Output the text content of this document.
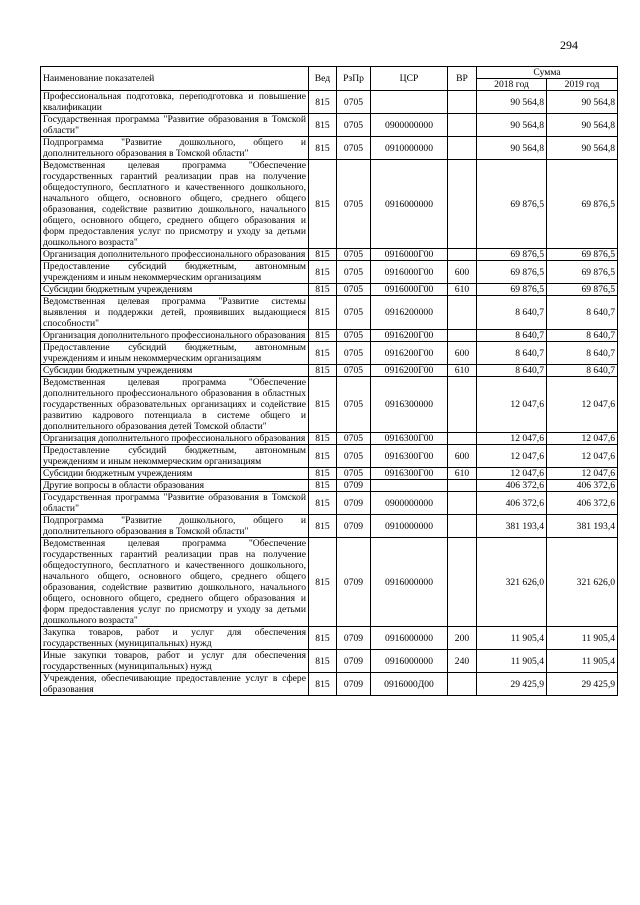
294
Наименование показателей	Вед	РзПр	ЦСР	ВР	Сумма	
					2018 год	2019 год
Профессиональная подготовка, переподготовка и повышение квалификации	815	0705			90 564,8	90 564,8
Государственная программа "Развитие образования в Томской области"	815	0705	0900000000		90 564,8	90 564,8
Подпрограмма "Развитие дошкольного, общего и дополнительного образования в Томской области"	815	0705	0910000000		90 564,8	90 564,8
Ведомственная целевая программа "Обеспечение государственных гарантий реализации прав на получение общедоступного, бесплатного и качественного дошкольного, начального общего, основного общего, среднего общего образования, содействие развитию дошкольного, начального общего, основного общего, среднего общего образования и форм предоставления услуг по присмотру и уходу за детьми дошкольного возраста"	815	0705	0916000000		69 876,5	69 876,5
Организация дополнительного профессионального образования	815	0705	0916000Г00		69 876,5	69 876,5
Предоставление субсидий бюджетным, автономным учреждениям и иным некоммерческим организациям	815	0705	0916000Г00	600	69 876,5	69 876,5
Субсидии бюджетным учреждениям	815	0705	0916000Г00	610	69 876,5	69 876,5
Ведомственная целевая программа "Развитие системы выявления и поддержки детей, проявивших выдающиеся способности"	815	0705	0916200000		8 640,7	8 640,7
Организация дополнительного профессионального образования	815	0705	0916200Г00		8 640,7	8 640,7
Предоставление субсидий бюджетным, автономным учреждениям и иным некоммерческим организациям	815	0705	0916200Г00	600	8 640,7	8 640,7
Субсидии бюджетным учреждениям	815	0705	0916200Г00	610	8 640,7	8 640,7
Ведомственная целевая программа "Обеспечение дополнительного профессионального образования в областных государственных образовательных организациях и содействие развитию кадрового потенциала в системе общего и дополнительного образования детей Томской области"	815	0705	0916300000		12 047,6	12 047,6
Организация дополнительного профессионального образования	815	0705	0916300Г00		12 047,6	12 047,6
Предоставление субсидий бюджетным, автономным учреждениям и иным некоммерческим организациям	815	0705	0916300Г00	600	12 047,6	12 047,6
Субсидии бюджетным учреждениям	815	0705	0916300Г00	610	12 047,6	12 047,6
Другие вопросы в области образования	815	0709			406 372,6	406 372,6
Государственная программа "Развитие образования в Томской области"	815	0709	0900000000		406 372,6	406 372,6
Подпрограмма "Развитие дошкольного, общего и дополнительного образования в Томской области"	815	0709	0910000000		381 193,4	381 193,4
Ведомственная целевая программа "Обеспечение государственных гарантий реализации прав на получение общедоступного, бесплатного и качественного дошкольного, начального общего, основного общего, среднего общего образования, содействие развитию дошкольного, начального общего, основного общего, среднего общего образования и форм предоставления услуг по присмотру и уходу за детьми дошкольного возраста"	815	0709	0916000000		321 626,0	321 626,0
Закупка товаров, работ и услуг для обеспечения государственных (муниципальных) нужд	815	0709	0916000000	200	11 905,4	11 905,4
Иные закупки товаров, работ и услуг для обеспечения государственных (муниципальных) нужд	815	0709	0916000000	240	11 905,4	11 905,4
Учреждения, обеспечивающие предоставление услуг в сфере образования	815	0709	0916000Д00		29 425,9	29 425,9
